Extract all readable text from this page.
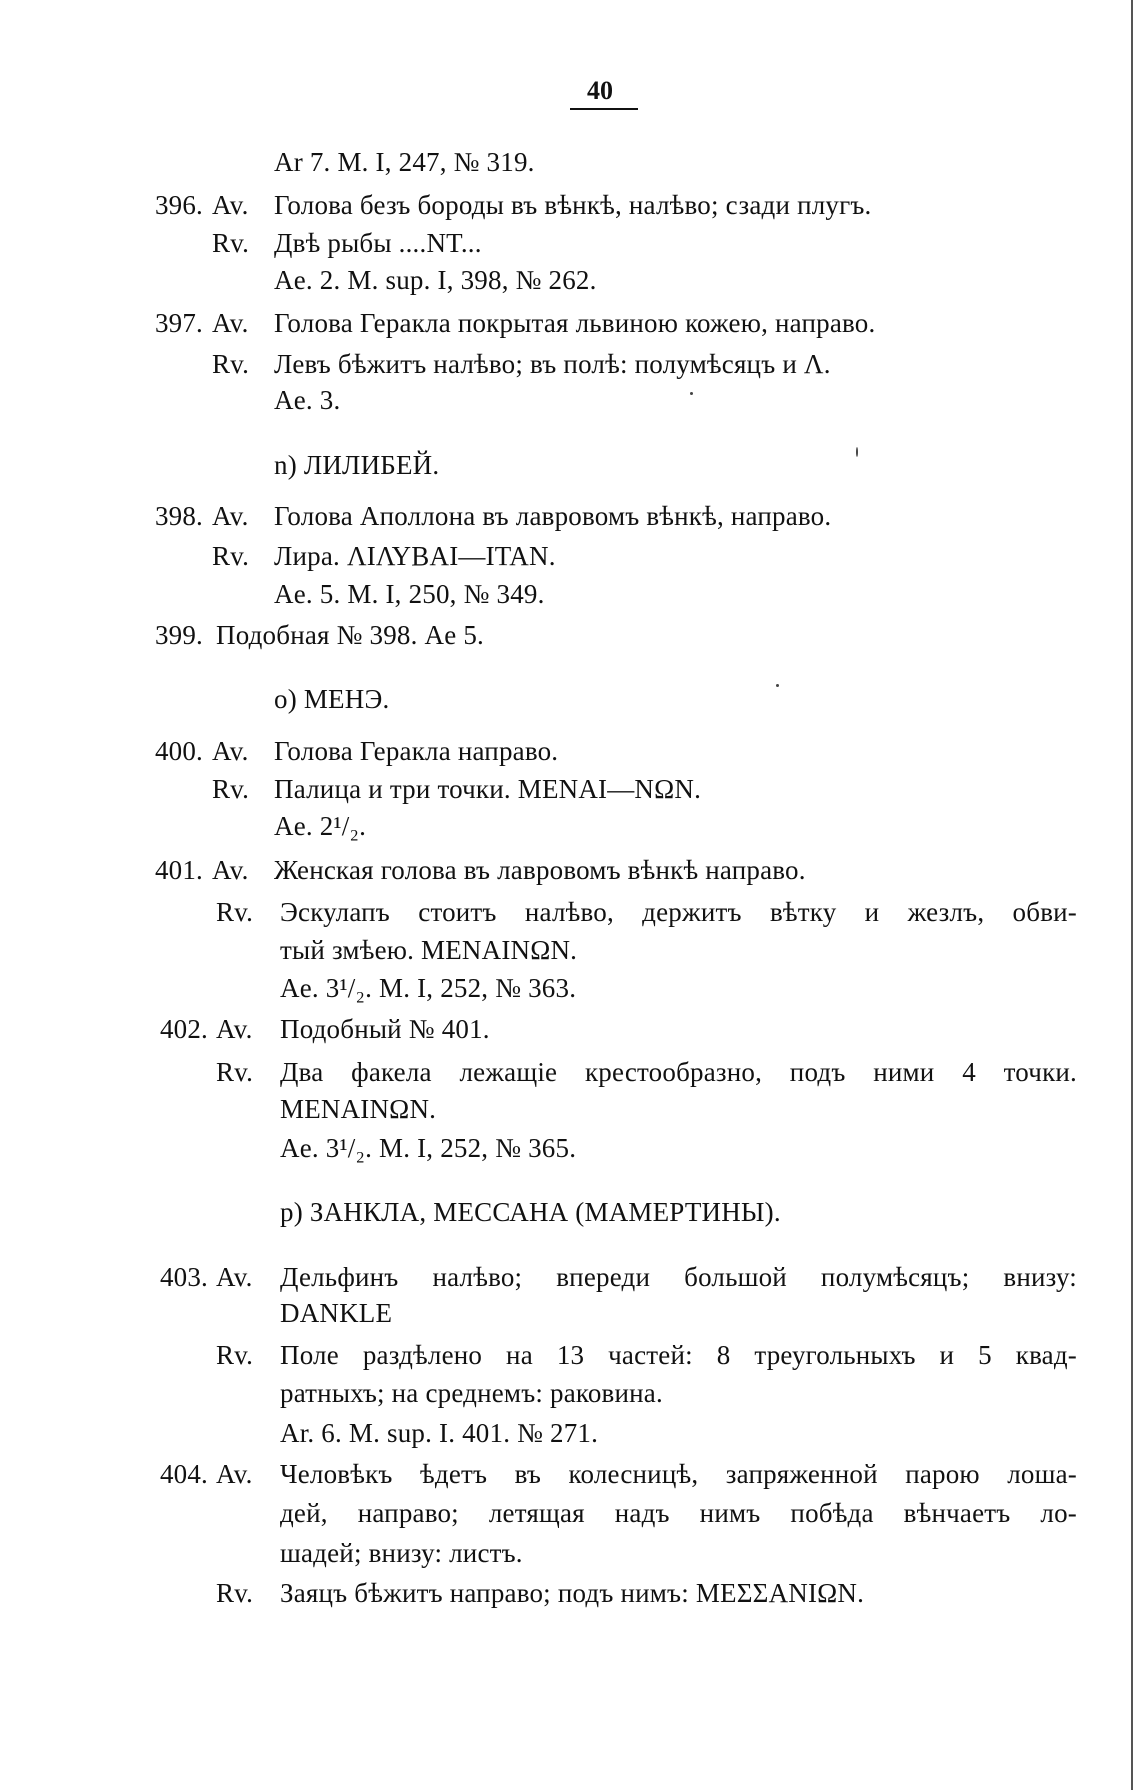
40
Ar 7. M. I, 247, № 319.
396. Av. Голова безъ бороды въ вѣнкѣ, налѣво; сзади плугъ.
Rv. Двѣ рыбы ....NT...
Ae. 2. M. sup. I, 398, № 262.
397. Av. Голова Геракла покрытая львиною кожею, направо.
Rv. Левъ бѣжитъ налѣво; въ полѣ: полумѣсяцъ и Λ.
Ae. 3.
n) ЛИЛИБЕЙ.
398. Av. Голова Аполлона въ лавровомъ вѣнкѣ, направо.
Rv. Лира. ΛΙΛΥΒΑΙ—ΙΤΑΝ.
Ae. 5. M. I, 250, № 349.
399. Подобная № 398. Ae 5.
o) МЕНЭ.
400. Av. Голова Геракла направо.
Rv. Палица и три точки. MENAI—NΩN.
Ae. 2¹/₂.
401. Av. Женская голова въ лавровомъ вѣнкѣ направо.
Rv. Эскулапъ стоитъ налѣво, держитъ вѣтку и жезлъ, обви-
тый змѣею. MENAINΩN.
Ae. 3¹/₂. M. I, 252, № 363.
402. Av. Подобный № 401.
Rv. Два факела лежащіе крестообразно, подъ ними 4 точки.
MENAINΩN.
Ae. 3¹/₂. M. I, 252, № 365.
p) ЗАНКЛА, МЕССАНА (МАМЕРТИНЫ).
403. Av. Дельфинъ налѣво; впереди большой полумѣсяцъ; внизу:
DANKLE
Rv. Поле раздѣлено на 13 частей: 8 треугольныхъ и 5 квад-
ратныхъ; на среднемъ: раковина.
Ar. 6. M. sup. I. 401. № 271.
404. Av. Человѣкъ ѣдетъ въ колесницѣ, запряженной парою лоша-
дей, направо; летящая надъ нимъ побѣда вѣнчаетъ ло-
шадей; внизу: листъ.
Rv. Заяцъ бѣжитъ направо; подъ нимъ: ΜΕΣΣΑΝΙΩΝ.
